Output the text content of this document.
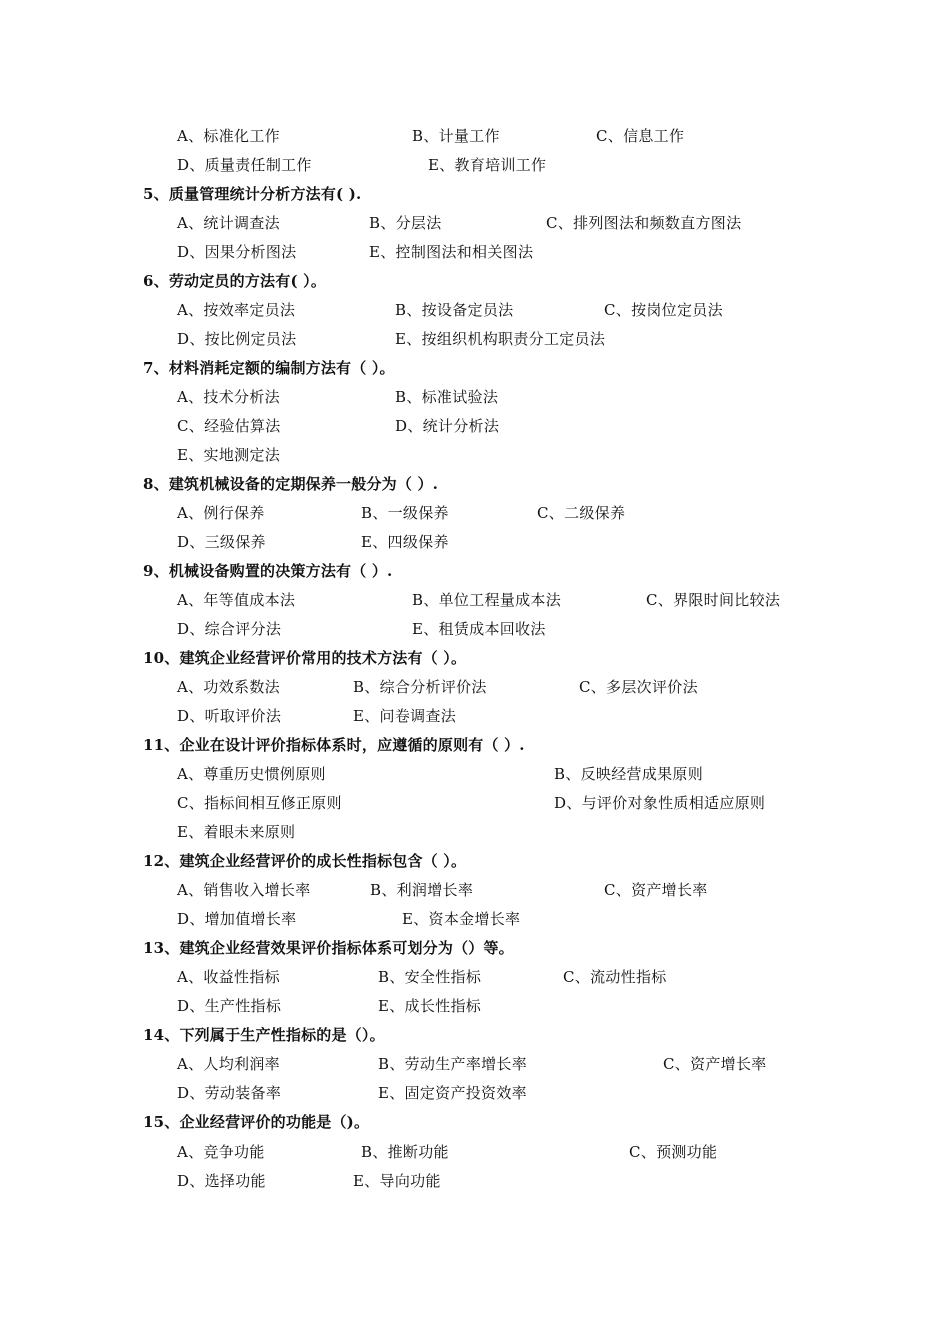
A、标准化工作	B、计量工作	C、信息工作
D、质量责任制工作	E、教育培训工作
5、质量管理统计分析方法有( ).
A、统计调查法	B、分层法	C、排列图法和频数直方图法
D、因果分析图法	E、控制图法和相关图法
6、劳动定员的方法有( ）。
A、按效率定员法	B、按设备定员法	C、按岗位定员法
D、按比例定员法	E、按组织机构职责分工定员法
7、材料消耗定额的编制方法有（ ）。
A、技术分析法	B、标准试验法
C、经验估算法	D、统计分析法
E、实地测定法
8、建筑机械设备的定期保养一般分为（ ）.
A、例行保养	B、一级保养	C、二级保养
D、三级保养	E、四级保养
9、机械设备购置的决策方法有（ ）.
A、年等值成本法	B、单位工程量成本法	C、界限时间比较法
D、综合评分法	E、租赁成本回收法
10、建筑企业经营评价常用的技术方法有（ ）。
A、功效系数法	B、综合分析评价法	C、多层次评价法
D、听取评价法	E、问卷调查法
11、企业在设计评价指标体系时，应遵循的原则有（ ）.
A、尊重历史惯例原则	B、反映经营成果原则
C、指标间相互修正原则	D、与评价对象性质相适应原则
E、着眼未来原则
12、建筑企业经营评价的成长性指标包含（ ）。
A、销售收入增长率	B、利润增长率	C、资产增长率
D、增加值增长率	E、资本金增长率
13、建筑企业经营效果评价指标体系可划分为（）等。
A、收益性指标	B、安全性指标	C、流动性指标
D、生产性指标	E、成长性指标
14、下列属于生产性指标的是（）。
A、人均利润率	B、劳动生产率增长率	C、资产增长率
D、劳动装备率	E、固定资产投资效率
15、企业经营评价的功能是（)。
A、竞争功能	B、推断功能	C、预测功能
D、选择功能	E、导向功能
